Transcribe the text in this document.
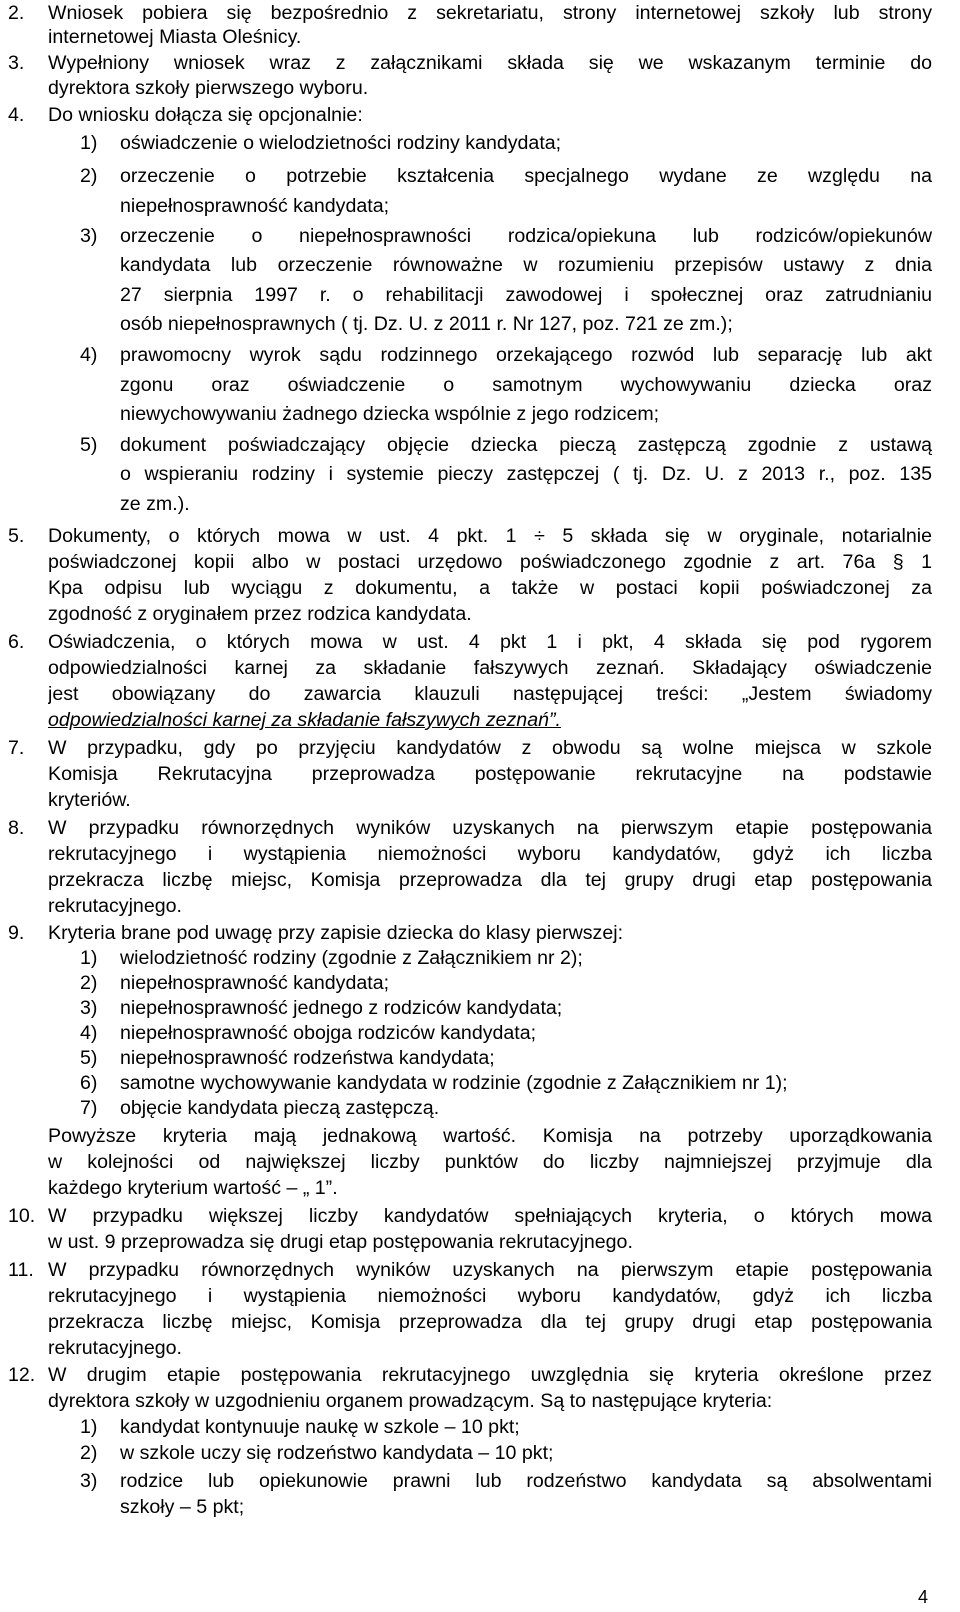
2. Wniosek pobiera się bezpośrednio z sekretariatu, strony internetowej szkoły lub strony
internetowej Miasta Oleśnicy.
3. Wypełniony wniosek wraz z załącznikami składa się we wskazanym terminie do
dyrektora szkoły pierwszego wyboru.
4. Do wniosku dołącza się opcjonalnie:
1) oświadczenie o wielodzietności rodziny kandydata;
2) orzeczenie o potrzebie kształcenia specjalnego wydane ze względu na
niepełnosprawność kandydata;
3) orzeczenie o niepełnosprawności rodzica/opiekuna lub rodziców/opiekunów
kandydata lub orzeczenie równoważne w rozumieniu przepisów ustawy z dnia
27 sierpnia 1997 r. o rehabilitacji zawodowej i społecznej oraz zatrudnianiu
osób niepełnosprawnych ( tj. Dz. U. z 2011 r. Nr 127, poz. 721 ze zm.);
4) prawomocny wyrok sądu rodzinnego orzekającego rozwód lub separację lub akt
zgonu oraz oświadczenie o samotnym wychowywaniu dziecka oraz
niewychowywaniu żadnego dziecka wspólnie z jego rodzicem;
5) dokument poświadczający objęcie dziecka pieczą zastępczą zgodnie z ustawą
o wspieraniu rodziny i systemie pieczy zastępczej ( tj. Dz. U. z 2013 r., poz. 135
ze zm.).
5. Dokumenty, o których mowa w ust. 4 pkt. 1 ÷ 5 składa się w oryginale, notarialnie
poświadczonej kopii albo w postaci urzędowo poświadczonego zgodnie z art. 76a § 1
Kpa odpisu lub wyciągu z dokumentu, a także w postaci kopii poświadczonej za
zgodność z oryginałem przez rodzica kandydata.
6. Oświadczenia, o których mowa w ust. 4 pkt 1 i pkt, 4 składa się pod rygorem
odpowiedzialności karnej za składanie fałszywych zeznań. Składający oświadczenie
jest obowiązany do zawarcia klauzuli następującej treści: „Jestem świadomy
odpowiedzialności karnej za składanie fałszywych zeznań”.
7. W przypadku, gdy po przyjęciu kandydatów z obwodu są wolne miejsca w szkole
Komisja Rekrutacyjna przeprowadza postępowanie rekrutacyjne na podstawie
kryteriów.
8. W przypadku równorzędnych wyników uzyskanych na pierwszym etapie postępowania
rekrutacyjnego i wystąpienia niemożności wyboru kandydatów, gdyż ich liczba
przekracza liczbę miejsc, Komisja przeprowadza dla tej grupy drugi etap postępowania
rekrutacyjnego.
9. Kryteria brane pod uwagę przy zapisie dziecka do klasy pierwszej:
1) wielodzietność rodziny (zgodnie z Załącznikiem nr 2);
2) niepełnosprawność kandydata;
3) niepełnosprawność jednego z rodziców kandydata;
4) niepełnosprawność obojga rodziców kandydata;
5) niepełnosprawność rodzeństwa kandydata;
6) samotne wychowywanie kandydata w rodzinie (zgodnie z Załącznikiem nr 1);
7) objęcie kandydata pieczą zastępczą.
Powyższe kryteria mają jednakową wartość. Komisja na potrzeby uporządkowania
w kolejności od największej liczby punktów do liczby najmniejszej przyjmuje dla
każdego kryterium wartość – „ 1”.
10. W przypadku większej liczby kandydatów spełniających kryteria, o których mowa
w ust. 9 przeprowadza się drugi etap postępowania rekrutacyjnego.
11. W przypadku równorzędnych wyników uzyskanych na pierwszym etapie postępowania
rekrutacyjnego i wystąpienia niemożności wyboru kandydatów, gdyż ich liczba
przekracza liczbę miejsc, Komisja przeprowadza dla tej grupy drugi etap postępowania
rekrutacyjnego.
12. W drugim etapie postępowania rekrutacyjnego uwzględnia się kryteria określone przez
dyrektora szkoły w uzgodnieniu organem prowadzącym. Są to następujące kryteria:
1) kandydat kontynuuje naukę w szkole – 10 pkt;
2) w szkole uczy się rodzeństwo kandydata – 10 pkt;
3) rodzice lub opiekunowie prawni lub rodzeństwo kandydata są absolwentami
szkoły – 5 pkt;
4
